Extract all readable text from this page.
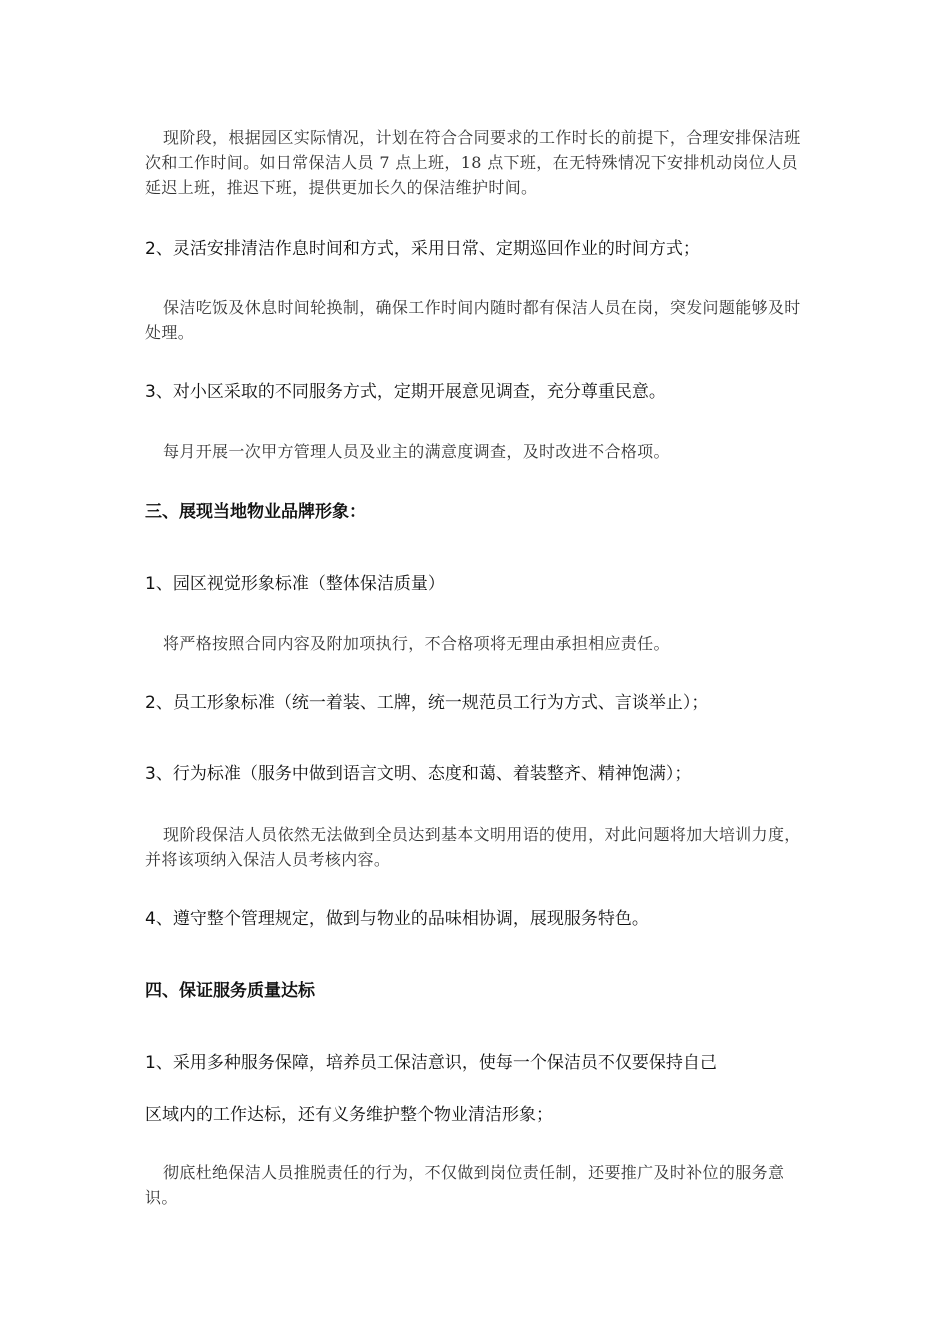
现阶段，根据园区实际情况，计划在符合合同要求的工作时长的前提下，合理安排保洁班次和工作时间。如日常保洁人员 7 点上班，18 点下班，在无特殊情况下安排机动岗位人员延迟上班，推迟下班，提供更加长久的保洁维护时间。
2、灵活安排清洁作息时间和方式，采用日常、定期巡回作业的时间方式；
保洁吃饭及休息时间轮换制，确保工作时间内随时都有保洁人员在岗，突发问题能够及时处理。
3、对小区采取的不同服务方式，定期开展意见调查，充分尊重民意。
每月开展一次甲方管理人员及业主的满意度调查，及时改进不合格项。
三、展现当地物业品牌形象：
1、园区视觉形象标准（整体保洁质量）
将严格按照合同内容及附加项执行，不合格项将无理由承担相应责任。
2、员工形象标准（统一着装、工牌，统一规范员工行为方式、言谈举止）；
3、行为标准（服务中做到语言文明、态度和蔼、着装整齐、精神饱满）；
现阶段保洁人员依然无法做到全员达到基本文明用语的使用，对此问题将加大培训力度，并将该项纳入保洁人员考核内容。
4、遵守整个管理规定，做到与物业的品味相协调，展现服务特色。
四、保证服务质量达标
1、采用多种服务保障，培养员工保洁意识，使每一个保洁员不仅要保持自己
区域内的工作达标，还有义务维护整个物业清洁形象；
彻底杜绝保洁人员推脱责任的行为，不仅做到岗位责任制，还要推广及时补位的服务意识。
